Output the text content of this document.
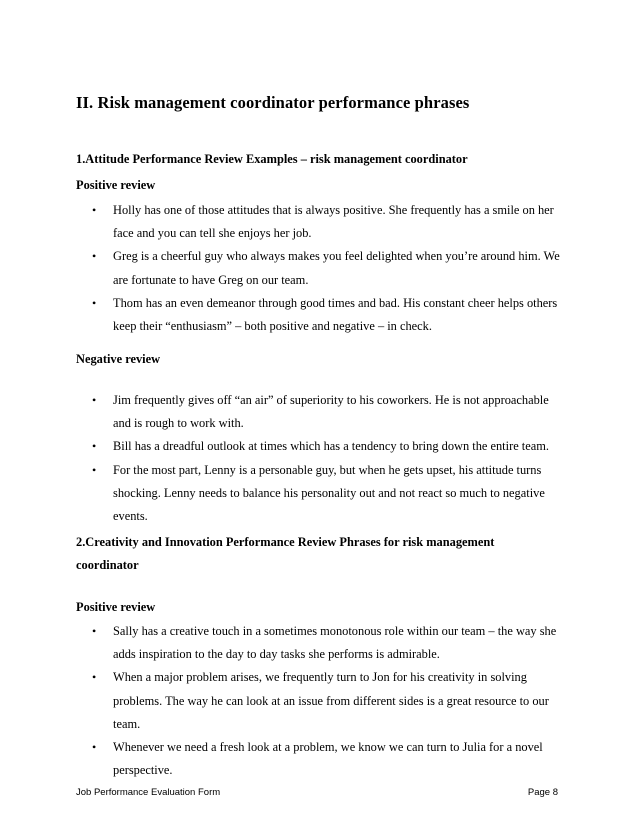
II. Risk management coordinator performance phrases

1.Attitude Performance Review Examples – risk management coordinator

Positive review

• Holly has one of those attitudes that is always positive. She frequently has a smile on her face and you can tell she enjoys her job.
• Greg is a cheerful guy who always makes you feel delighted when you’re around him. We are fortunate to have Greg on our team.
• Thom has an even demeanor through good times and bad. His constant cheer helps others keep their “enthusiasm” – both positive and negative – in check.

Negative review

• Jim frequently gives off “an air” of superiority to his coworkers. He is not approachable and is rough to work with.
• Bill has a dreadful outlook at times which has a tendency to bring down the entire team.
• For the most part, Lenny is a personable guy, but when he gets upset, his attitude turns shocking. Lenny needs to balance his personality out and not react so much to negative events.

2.Creativity and Innovation Performance Review Phrases for risk management coordinator

Positive review

• Sally has a creative touch in a sometimes monotonous role within our team – the way she adds inspiration to the day to day tasks she performs is admirable.
• When a major problem arises, we frequently turn to Jon for his creativity in solving problems. The way he can look at an issue from different sides is a great resource to our team.
• Whenever we need a fresh look at a problem, we know we can turn to Julia for a novel perspective.
Job Performance Evaluation Form	Page 8
